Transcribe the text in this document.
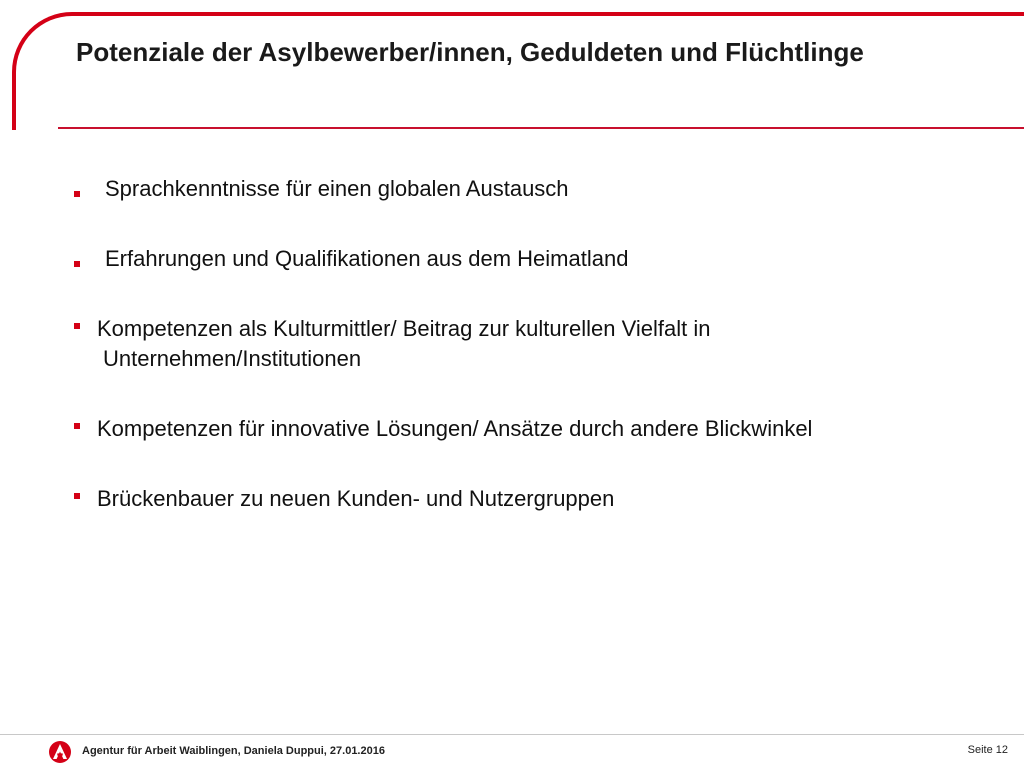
Potenziale der Asylbewerber/innen, Geduldeten und Flüchtlinge
Sprachkenntnisse für einen globalen Austausch
Erfahrungen und Qualifikationen aus dem Heimatland
Kompetenzen als Kulturmittler/ Beitrag zur kulturellen Vielfalt in
Unternehmen/Institutionen
Kompetenzen für innovative Lösungen/ Ansätze durch andere Blickwinkel
Brückenbauer zu neuen Kunden- und Nutzergruppen
Agentur für Arbeit Waiblingen, Daniela Duppui, 27.01.2016	Seite 12
